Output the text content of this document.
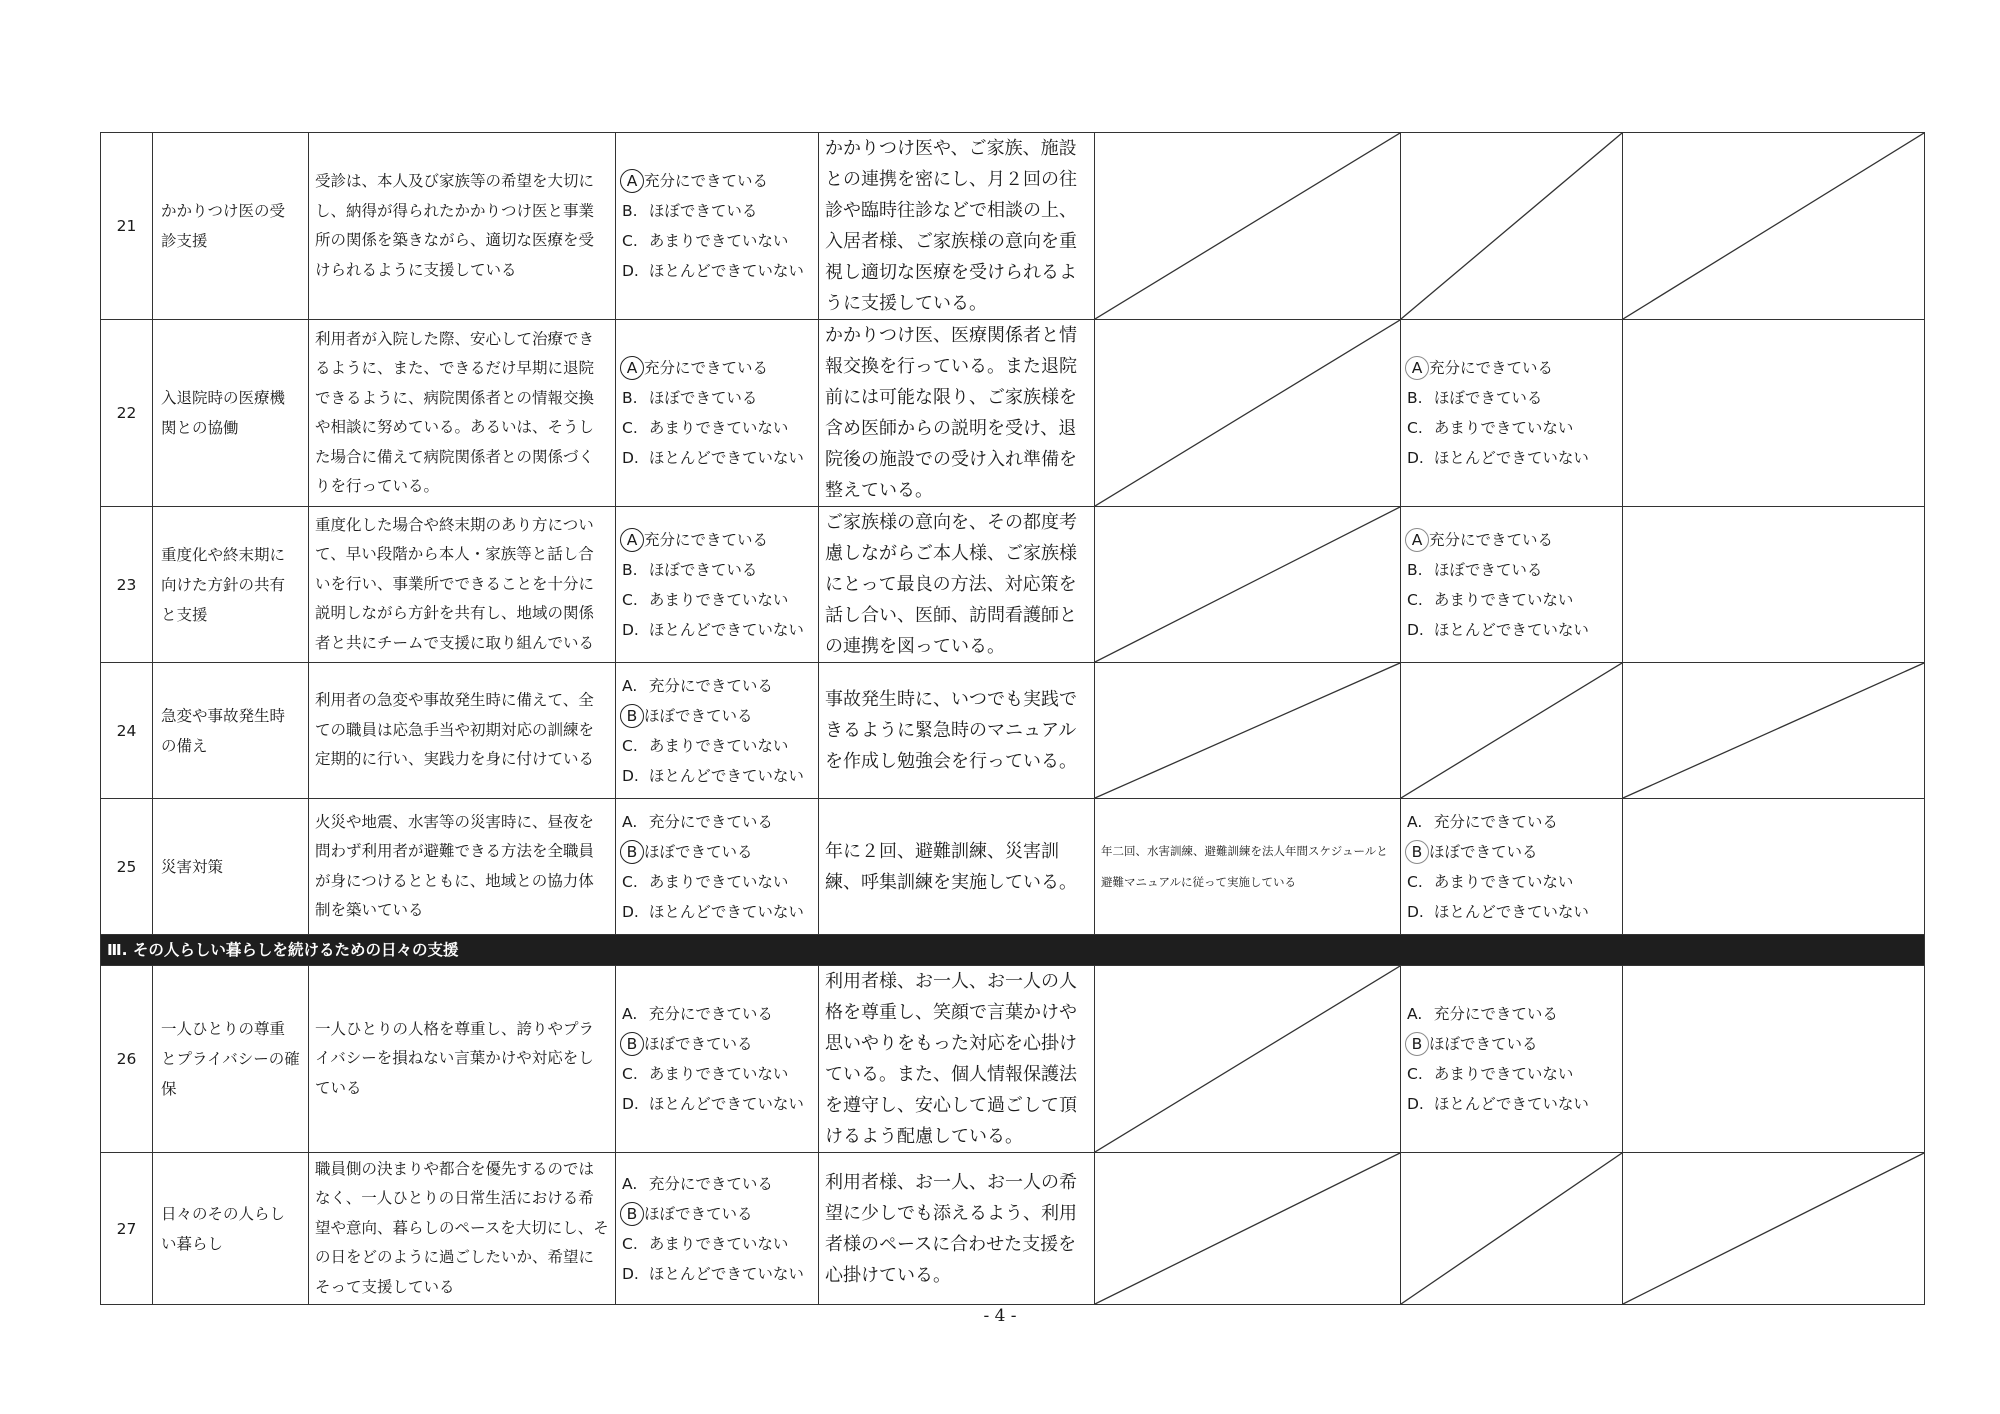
21	かかりつけ医の受診支援	受診は、本人及び家族等の希望を大切にし、納得が得られたかかりつけ医と事業所の関係を築きながら、適切な医療を受けられるように支援している	A 充分にできている
B. ほぼできている
C. あまりできていない
D. ほとんどできていない	かかりつけ医や、ご家族、施設との連携を密にし、月２回の往診や臨時往診などで相談の上、入居者様、ご家族様の意向を重視し適切な医療を受けられるように支援している。	

22	入退院時の医療機関との協働	利用者が入院した際、安心して治療できるように、また、できるだけ早期に退院できるように、病院関係者との情報交換や相談に努めている。あるいは、そうした場合に備えて病院関係者との関係づくりを行っている。	A 充分にできている
B. ほぼできている
C. あまりできていない
D. ほとんどできていない	かかりつけ医、医療関係者と情報交換を行っている。また退院前には可能な限り、ご家族様を含め医師からの説明を受け、退院後の施設での受け入れ準備を整えている。		A 充分にできている
B. ほぼできている
C. あまりできていない
D. ほとんどできていない	

23	重度化や終末期に向けた方針の共有と支援	重度化した場合や終末期のあり方について、早い段階から本人・家族等と話し合いを行い、事業所でできることを十分に説明しながら方針を共有し、地域の関係者と共にチームで支援に取り組んでいる	A 充分にできている
B. ほぼできている
C. あまりできていない
D. ほとんどできていない	ご家族様の意向を、その都度考慮しながらご本人様、ご家族様にとって最良の方法、対応策を話し合い、医師、訪問看護師との連携を図っている。		A 充分にできている
B. ほぼできている
C. あまりできていない
D. ほとんどできていない	

24	急変や事故発生時の備え	利用者の急変や事故発生時に備えて、全ての職員は応急手当や初期対応の訓練を定期的に行い、実践力を身に付けている	A. 充分にできている
B ほぼできている
C. あまりできていない
D. ほとんどできていない	事故発生時に、いつでも実践できるように緊急時のマニュアルを作成し勉強会を行っている。	

25	災害対策	火災や地震、水害等の災害時に、昼夜を問わず利用者が避難できる方法を全職員が身につけるとともに、地域との協力体制を築いている	A. 充分にできている
B ほぼできている
C. あまりできていない
D. ほとんどできていない	年に２回、避難訓練、災害訓練、呼集訓練を実施している。	年二回、水害訓練、避難訓練を法人年間スケジュールと避難マニュアルに従って実施している	A. 充分にできている
B ほぼできている
C. あまりできていない
D. ほとんどできていない	

Ⅲ. その人らしい暮らしを続けるための日々の支援							
26	一人ひとりの尊重とプライバシーの確保	一人ひとりの人格を尊重し、誇りやプライバシーを損ねない言葉かけや対応をしている	A. 充分にできている
B ほぼできている
C. あまりできていない
D. ほとんどできていない	利用者様、お一人、お一人の人格を尊重し、笑顔で言葉かけや思いやりをもった対応を心掛けている。また、個人情報保護法を遵守し、安心して過ごして頂けるよう配慮している。		A. 充分にできている
B ほぼできている
C. あまりできていない
D. ほとんどできていない	

27	日々のその人らしい暮らし	職員側の決まりや都合を優先するのではなく、一人ひとりの日常生活における希望や意向、暮らしのペースを大切にし、その日をどのように過ごしたいか、希望にそって支援している	A. 充分にできている
B ほぼできている
C. あまりできていない
D. ほとんどできていない	利用者様、お一人、お一人の希望に少しでも添えるよう、利用者様のペースに合わせた支援を心掛けている。	

- 4 -
